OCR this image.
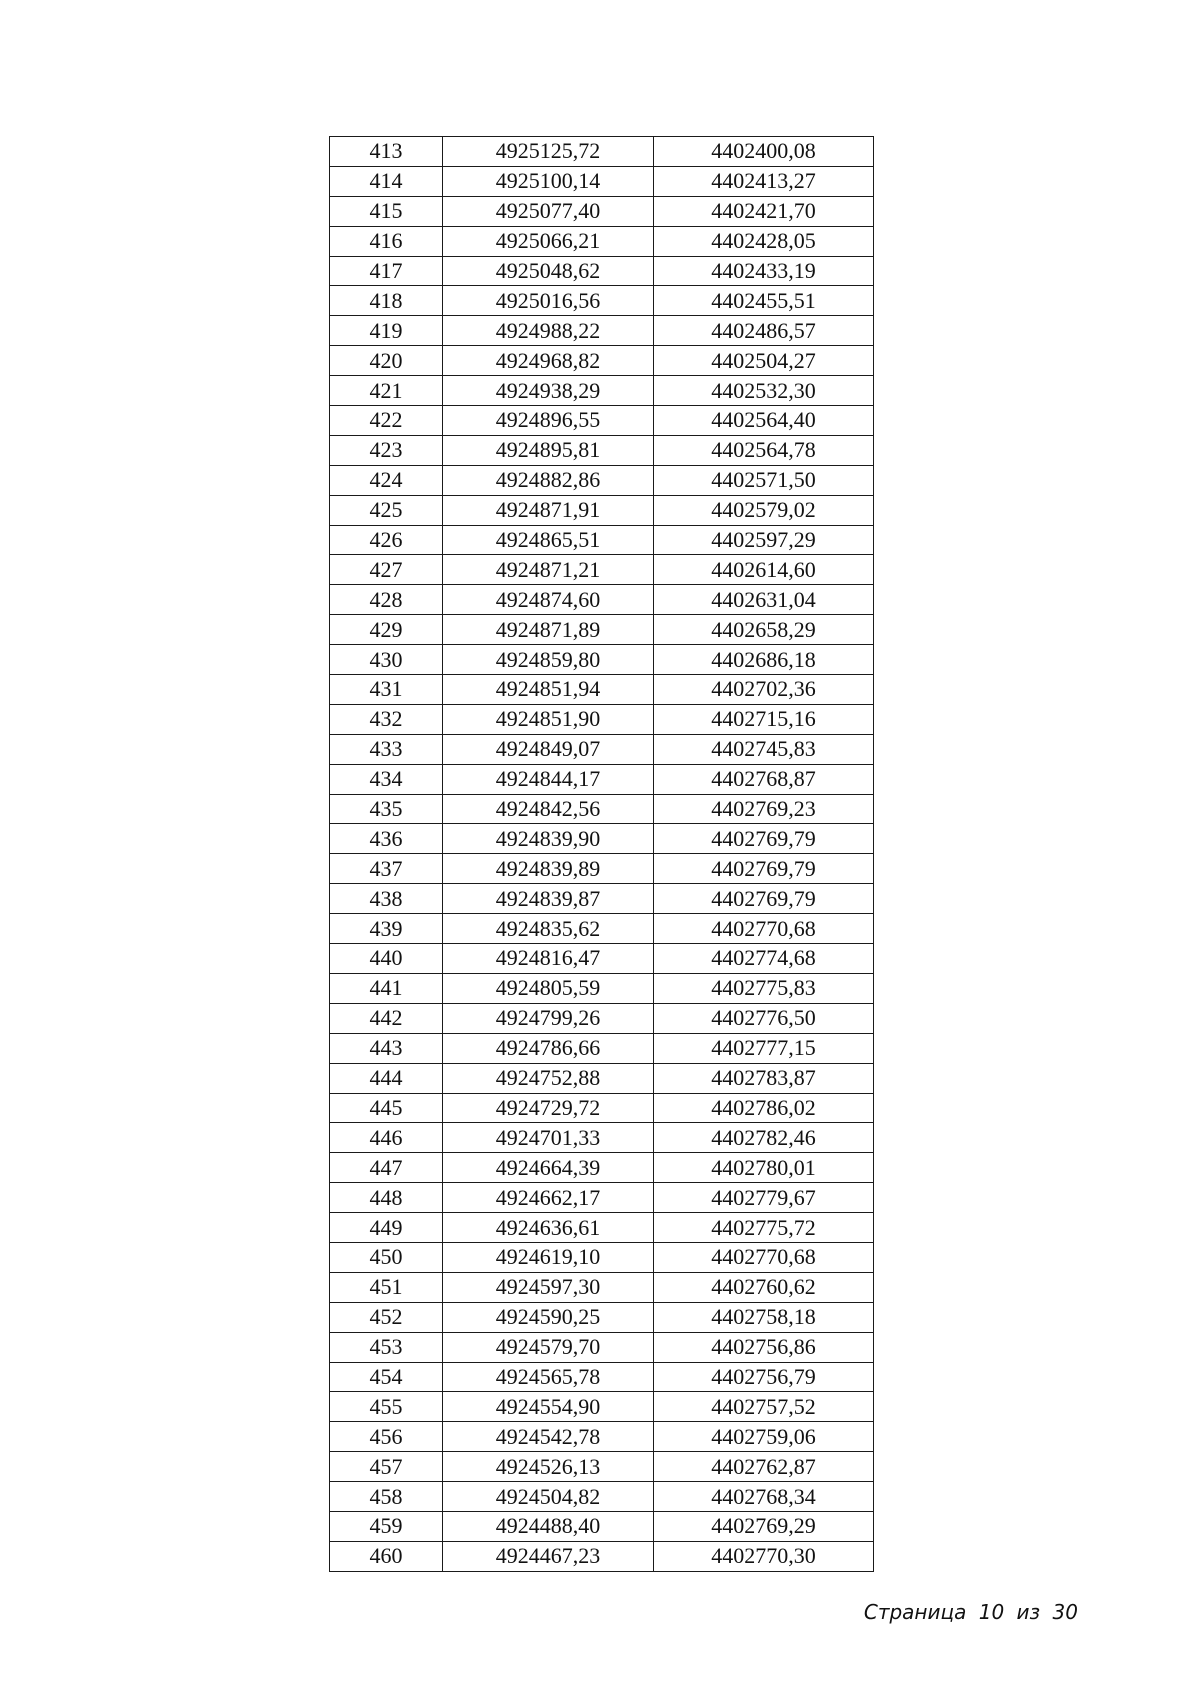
413	4925125,72	4402400,08
414	4925100,14	4402413,27
415	4925077,40	4402421,70
416	4925066,21	4402428,05
417	4925048,62	4402433,19
418	4925016,56	4402455,51
419	4924988,22	4402486,57
420	4924968,82	4402504,27
421	4924938,29	4402532,30
422	4924896,55	4402564,40
423	4924895,81	4402564,78
424	4924882,86	4402571,50
425	4924871,91	4402579,02
426	4924865,51	4402597,29
427	4924871,21	4402614,60
428	4924874,60	4402631,04
429	4924871,89	4402658,29
430	4924859,80	4402686,18
431	4924851,94	4402702,36
432	4924851,90	4402715,16
433	4924849,07	4402745,83
434	4924844,17	4402768,87
435	4924842,56	4402769,23
436	4924839,90	4402769,79
437	4924839,89	4402769,79
438	4924839,87	4402769,79
439	4924835,62	4402770,68
440	4924816,47	4402774,68
441	4924805,59	4402775,83
442	4924799,26	4402776,50
443	4924786,66	4402777,15
444	4924752,88	4402783,87
445	4924729,72	4402786,02
446	4924701,33	4402782,46
447	4924664,39	4402780,01
448	4924662,17	4402779,67
449	4924636,61	4402775,72
450	4924619,10	4402770,68
451	4924597,30	4402760,62
452	4924590,25	4402758,18
453	4924579,70	4402756,86
454	4924565,78	4402756,79
455	4924554,90	4402757,52
456	4924542,78	4402759,06
457	4924526,13	4402762,87
458	4924504,82	4402768,34
459	4924488,40	4402769,29
460	4924467,23	4402770,30
Страница 10 из 30
